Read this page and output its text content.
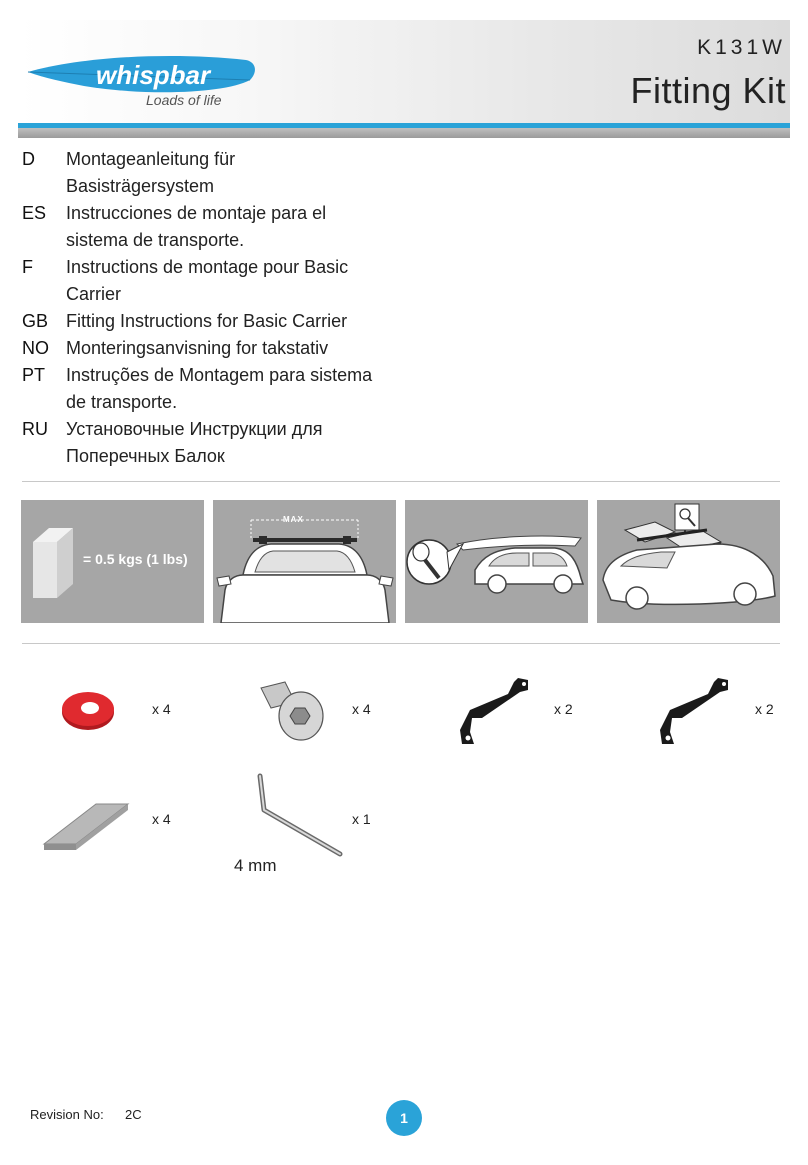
whispbar
Loads of life
K131W
Fitting Kit
D	Montageanleitung für Basisträgersystem
ES	Instrucciones de montaje para el sistema de transporte.
F	Instructions de montage pour Basic Carrier
GB Fitting Instructions for Basic Carrier
NO Monteringsanvisning for takstativ
PT	Instruções de Montagem para sistema de transporte.
RU	Установочные Инструкции для Поперечных Балок
= 0.5 kgs (1 lbs)
MAX
x 4	x 4	x 2	x 2
x 4	x 1
4 mm
Revision No: 2C	1
